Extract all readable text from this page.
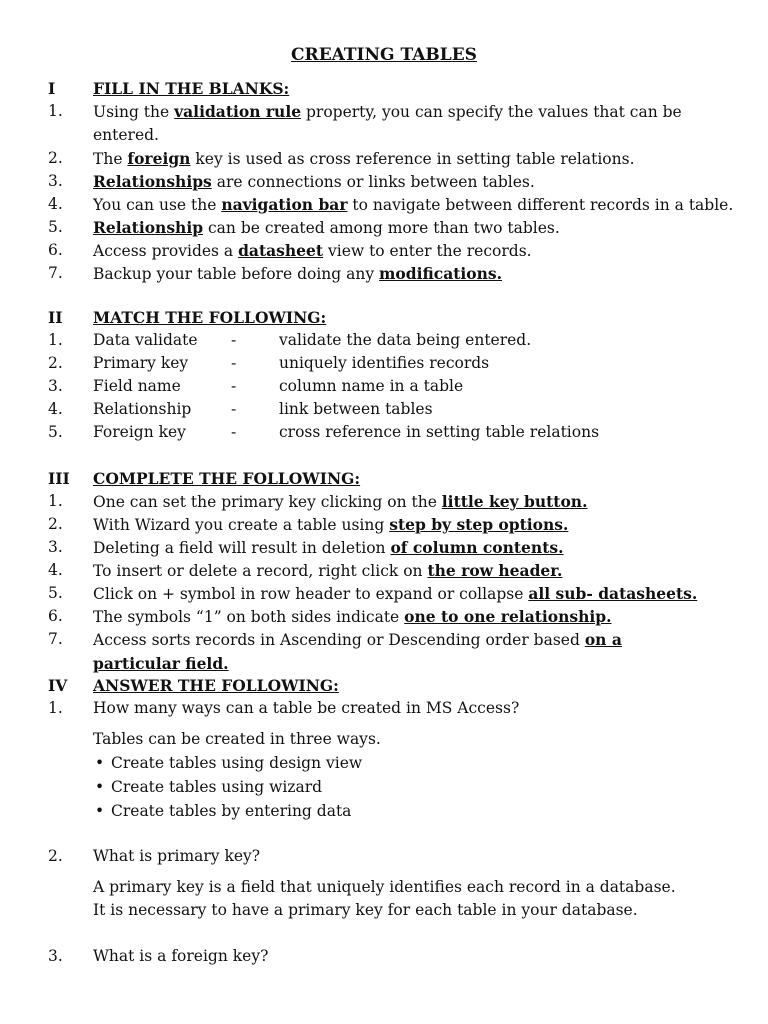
CREATING TABLES
I FILL IN THE BLANKS:
1. Using the validation rule property, you can specify the values that can be entered.
2. The foreign key is used as cross reference in setting table relations.
3. Relationships are connections or links between tables.
4. You can use the navigation bar to navigate between different records in a table.
5. Relationship can be created among more than two tables.
6. Access provides a datasheet view to enter the records.
7. Backup your table before doing any modifications.
II MATCH THE FOLLOWING:
1. Data validate -	validate the data being entered.
2. Primary key	-	uniquely identifies records
3. Field name	-	column name in a table
4. Relationship	-	link between tables
5. Foreign key	-	cross reference in setting table relations
III COMPLETE THE FOLLOWING:
1. One can set the primary key clicking on the little key button.
2. With Wizard you create a table using step by step options.
3. Deleting a field will result in deletion of column contents.
4. To insert or delete a record, right click on the row header.
5. Click on + symbol in row header to expand or collapse all sub- datasheets.
6. The symbols “1” on both sides indicate one to one relationship.
7. Access sorts records in Ascending or Descending order based on a particular field.
IV ANSWER THE FOLLOWING:
1. How many ways can a table be created in MS Access?
Tables can be created in three ways.
• Create tables using design view
• Create tables using wizard
• Create tables by entering data
2. What is primary key?
A primary key is a field that uniquely identifies each record in a database.
It is necessary to have a primary key for each table in your database.
3. What is a foreign key?
